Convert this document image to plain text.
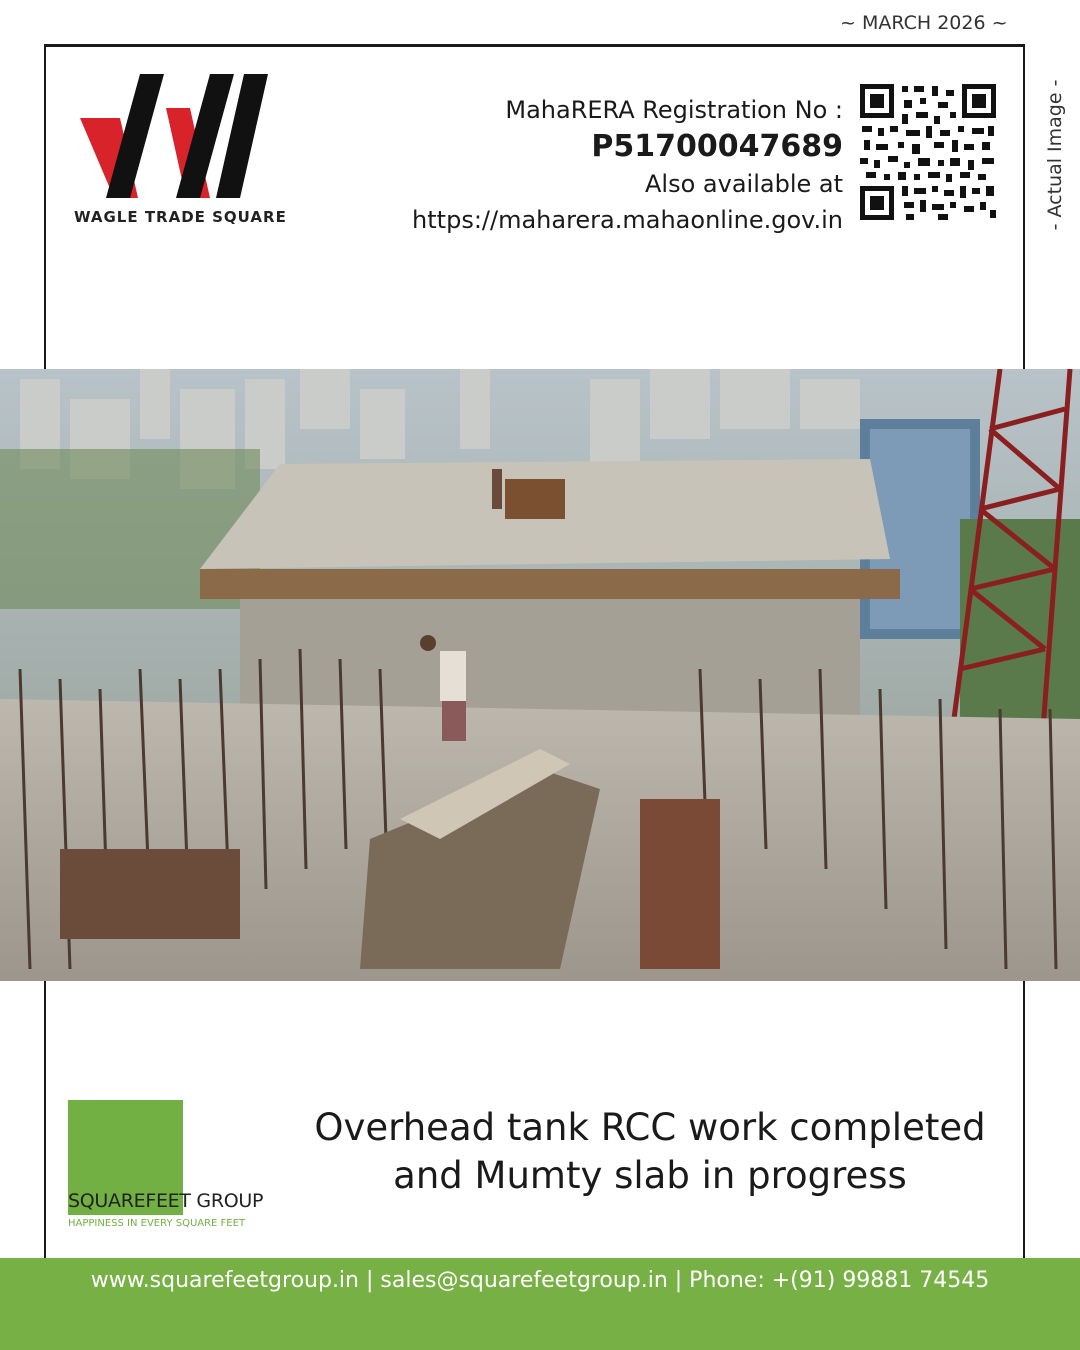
~ MARCH 2026 ~
- Actual Image -
WAGLE TRADE SQUARE
MahaRERA Registration No :
P51700047689
Also available at
https://maharera.mahaonline.gov.in
SQUAREFEET GROUP
HAPPINESS IN EVERY SQUARE FEET
Overhead tank RCC work completed
and Mumty slab in progress
www.squarefeetgroup.in | sales@squarefeetgroup.in | Phone: +(91) 99881 74545
